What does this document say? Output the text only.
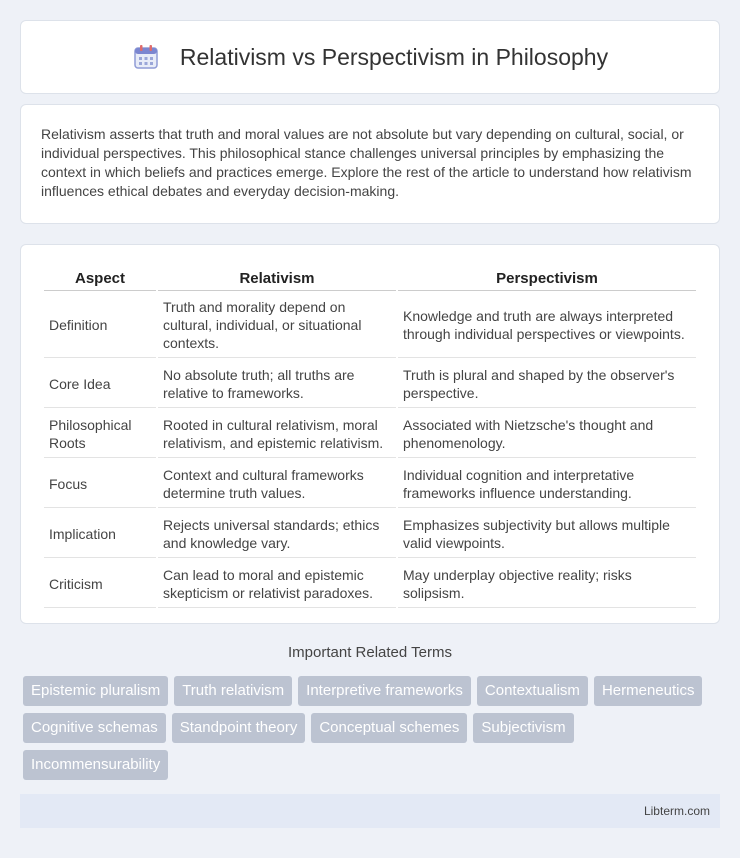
Relativism vs Perspectivism in Philosophy

Relativism asserts that truth and moral values are not absolute but vary depending on cultural, social, or individual perspectives. This philosophical stance challenges universal principles by emphasizing the context in which beliefs and practices emerge. Explore the rest of the article to understand how relativism influences ethical debates and everyday decision-making.

Aspect	Relativism	Perspectivism
Definition	Truth and morality depend on cultural, individual, or situational contexts.	Knowledge and truth are always interpreted through individual perspectives or viewpoints.
Core Idea	No absolute truth; all truths are relative to frameworks.	Truth is plural and shaped by the observer's perspective.
Philosophical Roots	Rooted in cultural relativism, moral relativism, and epistemic relativism.	Associated with Nietzsche's thought and phenomenology.
Focus	Context and cultural frameworks determine truth values.	Individual cognition and interpretative frameworks influence understanding.
Implication	Rejects universal standards; ethics and knowledge vary.	Emphasizes subjectivity but allows multiple valid viewpoints.
Criticism	Can lead to moral and epistemic skepticism or relativist paradoxes.	May underplay objective reality; risks solipsism.
Important Related Terms
Epistemic pluralism	Truth relativism	Interpretive frameworks	Contextualism	Hermeneutics
Cognitive schemas	Standpoint theory	Conceptual schemes	Subjectivism
Incommensurability
Libterm.com
